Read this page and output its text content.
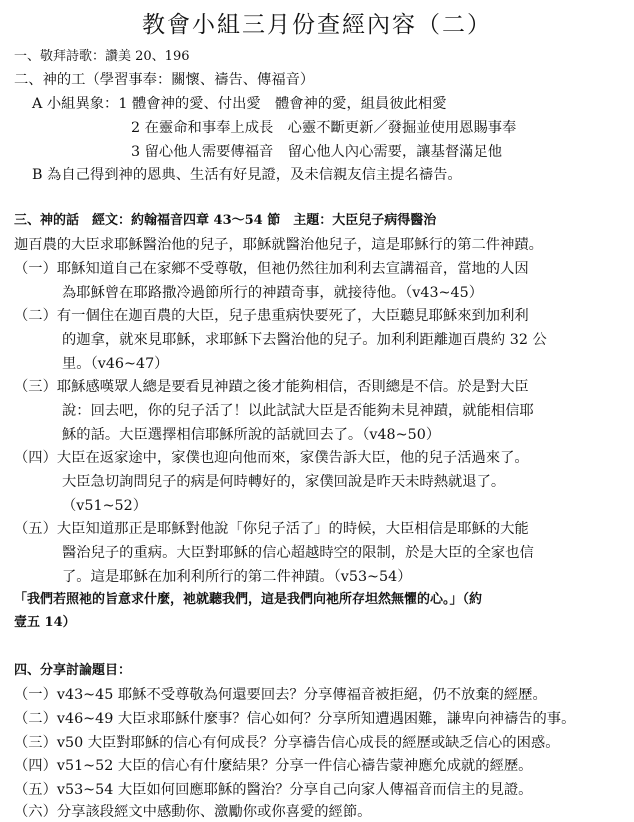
教會小組三月份查經內容（二）
一、敬拜詩歌：讚美 20、196
二、神的工（學習事奉：關懷、禱告、傳福音）
A 小組異象：1 體會神的愛、付出愛　體會神的愛，組員彼此相愛
2 在靈命和事奉上成長　心靈不斷更新／發掘並使用恩賜事奉
3 留心他人需要傳福音　留心他人內心需要，讓基督滿足他
B 為自己得到神的恩典、生活有好見證，及未信親友信主提名禱告。
三、神的話　經文：約翰福音四章 43～54 節　主題：大臣兒子病得醫治
迦百農的大臣求耶穌醫治他的兒子，耶穌就醫治他兒子，這是耶穌行的第二件神蹟。
（一）耶穌知道自己在家鄉不受尊敬，但祂仍然往加利利去宣講福音，當地的人因
為耶穌曾在耶路撒冷過節所行的神蹟奇事，就接待他。（v43~45）
（二）有一個住在迦百農的大臣，兒子患重病快要死了，大臣聽見耶穌來到加利利
的迦拿，就來見耶穌，求耶穌下去醫治他的兒子。加利利距離迦百農約 32 公
里。（v46~47）
（三）耶穌感嘆眾人總是要看見神蹟之後才能夠相信，否則總是不信。於是對大臣
說：回去吧，你的兒子活了！以此試試大臣是否能夠未見神蹟，就能相信耶
穌的話。大臣選擇相信耶穌所說的話就回去了。（v48~50）
（四）大臣在返家途中，家僕也迎向他而來，家僕告訴大臣，他的兒子活過來了。
大臣急切詢問兒子的病是何時轉好的，家僕回說是昨天未時熱就退了。
（v51~52）
（五）大臣知道那正是耶穌對他說「你兒子活了」的時候，大臣相信是耶穌的大能
醫治兒子的重病。大臣對耶穌的信心超越時空的限制，於是大臣的全家也信
了。這是耶穌在加利利所行的第二件神蹟。（v53~54）
「我們若照祂的旨意求什麼，祂就聽我們，這是我們向祂所存坦然無懼的心。」（約
壹五 14）
四、分享討論題目：
（一）v43~45 耶穌不受尊敬為何還要回去？分享傳福音被拒絕，仍不放棄的經歷。
（二）v46~49 大臣求耶穌什麼事？信心如何？分享所知遭遇困難，謙卑向神禱告的事。
（三）v50 大臣對耶穌的信心有何成長？分享禱告信心成長的經歷或缺乏信心的困惑。
（四）v51~52 大臣的信心有什麼結果？分享一件信心禱告蒙神應允成就的經歷。
（五）v53~54 大臣如何回應耶穌的醫治？分享自己向家人傳福音而信主的見證。
（六）分享該段經文中感動你、激勵你或你喜愛的經節。
